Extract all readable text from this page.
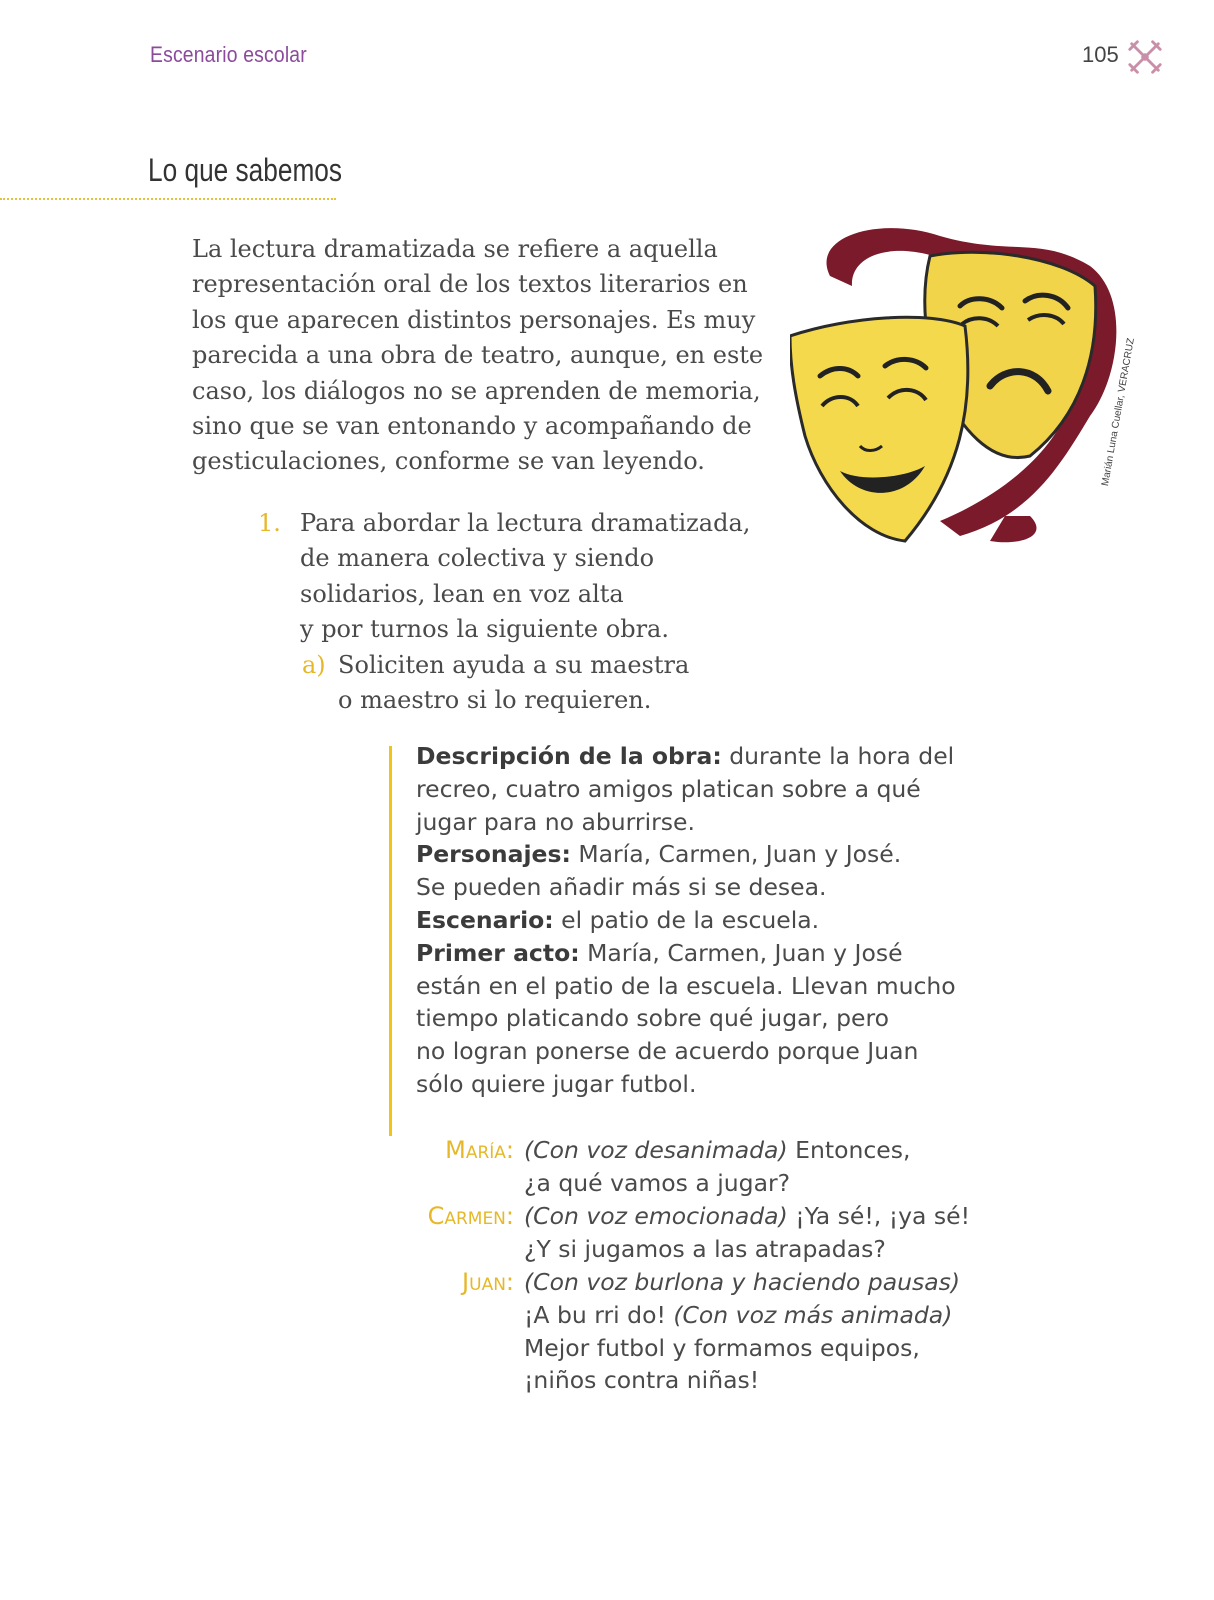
Escenario escolar	105
Lo que sabemos
La lectura dramatizada se refiere a aquella
representación oral de los textos literarios en
los que aparecen distintos personajes. Es muy
parecida a una obra de teatro, aunque, en este
caso, los diálogos no se aprenden de memoria,
sino que se van entonando y acompañando de
gesticulaciones, conforme se van leyendo.	Marián Luna Cuellar, VERACRUZ
1. Para abordar la lectura dramatizada,
de manera colectiva y siendo
solidarios, lean en voz alta
y por turnos la siguiente obra.
a) Soliciten ayuda a su maestra
o maestro si lo requieren.
Descripción de la obra: durante la hora del
recreo, cuatro amigos platican sobre a qué
jugar para no aburrirse.
Personajes: María, Carmen, Juan y José.
Se pueden añadir más si se desea.
Escenario: el patio de la escuela.
Primer acto: María, Carmen, Juan y José
están en el patio de la escuela. Llevan mucho
tiempo platicando sobre qué jugar, pero
no logran ponerse de acuerdo porque Juan
sólo quiere jugar futbol.
María: (Con voz desanimada) Entonces,
¿a qué vamos a jugar?
Carmen: (Con voz emocionada) ¡Ya sé!, ¡ya sé!
¿Y si jugamos a las atrapadas?
Juan: (Con voz burlona y haciendo pausas)
¡A bu rri do! (Con voz más animada)
Mejor futbol y formamos equipos,
¡niños contra niñas!
